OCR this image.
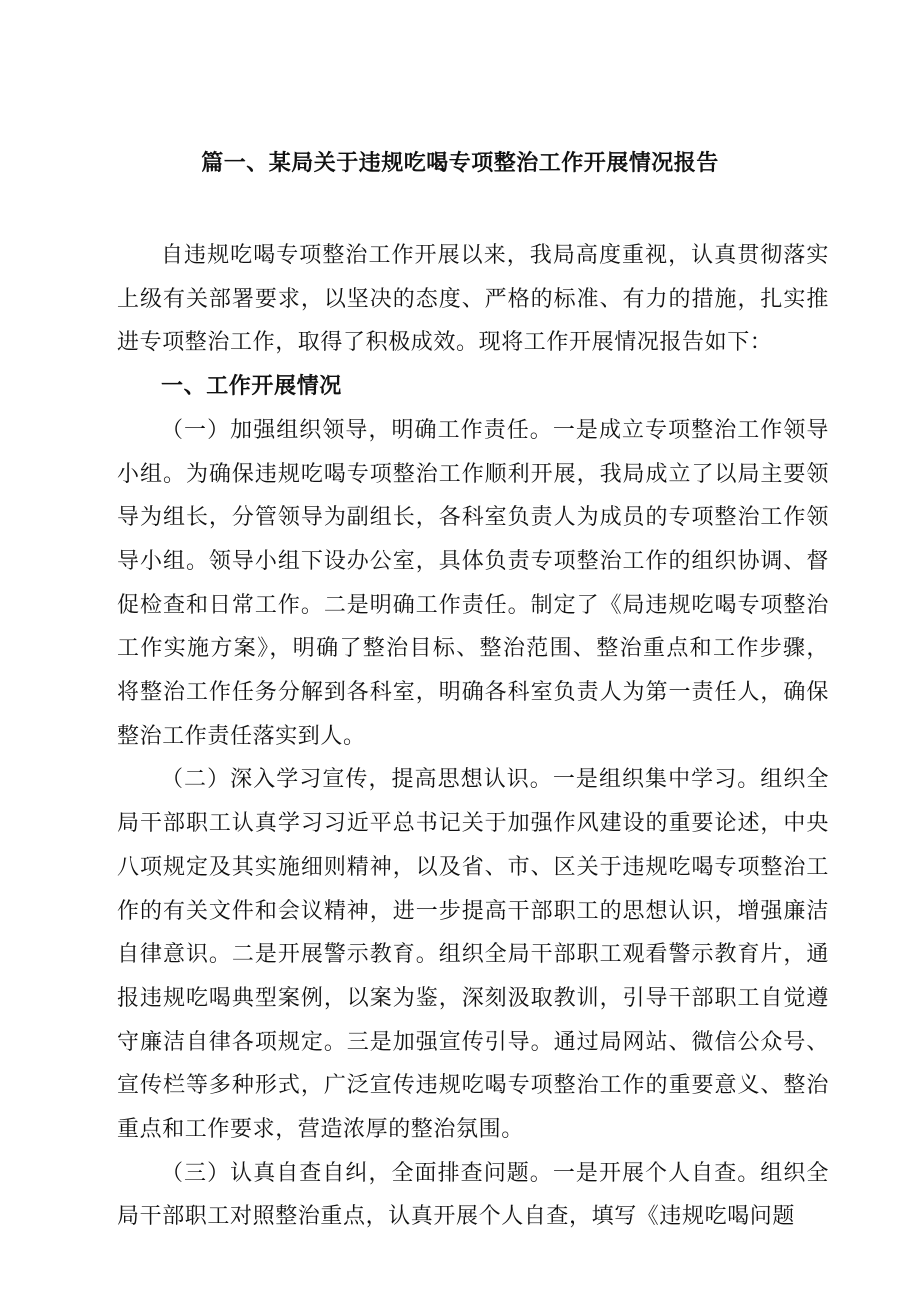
篇一、某局关于违规吃喝专项整治工作开展情况报告

自违规吃喝专项整治工作开展以来，我局高度重视，认真贯彻落实上级有关部署要求，以坚决的态度、严格的标准、有力的措施，扎实推进专项整治工作，取得了积极成效。现将工作开展情况报告如下：

一、工作开展情况

（一）加强组织领导，明确工作责任。一是成立专项整治工作领导小组。为确保违规吃喝专项整治工作顺利开展，我局成立了以局主要领导为组长，分管领导为副组长，各科室负责人为成员的专项整治工作领导小组。领导小组下设办公室，具体负责专项整治工作的组织协调、督促检查和日常工作。二是明确工作责任。制定了《局违规吃喝专项整治工作实施方案》，明确了整治目标、整治范围、整治重点和工作步骤，将整治工作任务分解到各科室，明确各科室负责人为第一责任人，确保整治工作责任落实到人。

（二）深入学习宣传，提高思想认识。一是组织集中学习。组织全局干部职工认真学习习近平总书记关于加强作风建设的重要论述，中央八项规定及其实施细则精神，以及省、市、区关于违规吃喝专项整治工作的有关文件和会议精神，进一步提高干部职工的思想认识，增强廉洁自律意识。二是开展警示教育。组织全局干部职工观看警示教育片，通报违规吃喝典型案例，以案为鉴，深刻汲取教训，引导干部职工自觉遵守廉洁自律各项规定。三是加强宣传引导。通过局网站、微信公众号、宣传栏等多种形式，广泛宣传违规吃喝专项整治工作的重要意义、整治重点和工作要求，营造浓厚的整治氛围。

（三）认真自查自纠，全面排查问题。一是开展个人自查。组织全局干部职工对照整治重点，认真开展个人自查，填写《违规吃喝问题
